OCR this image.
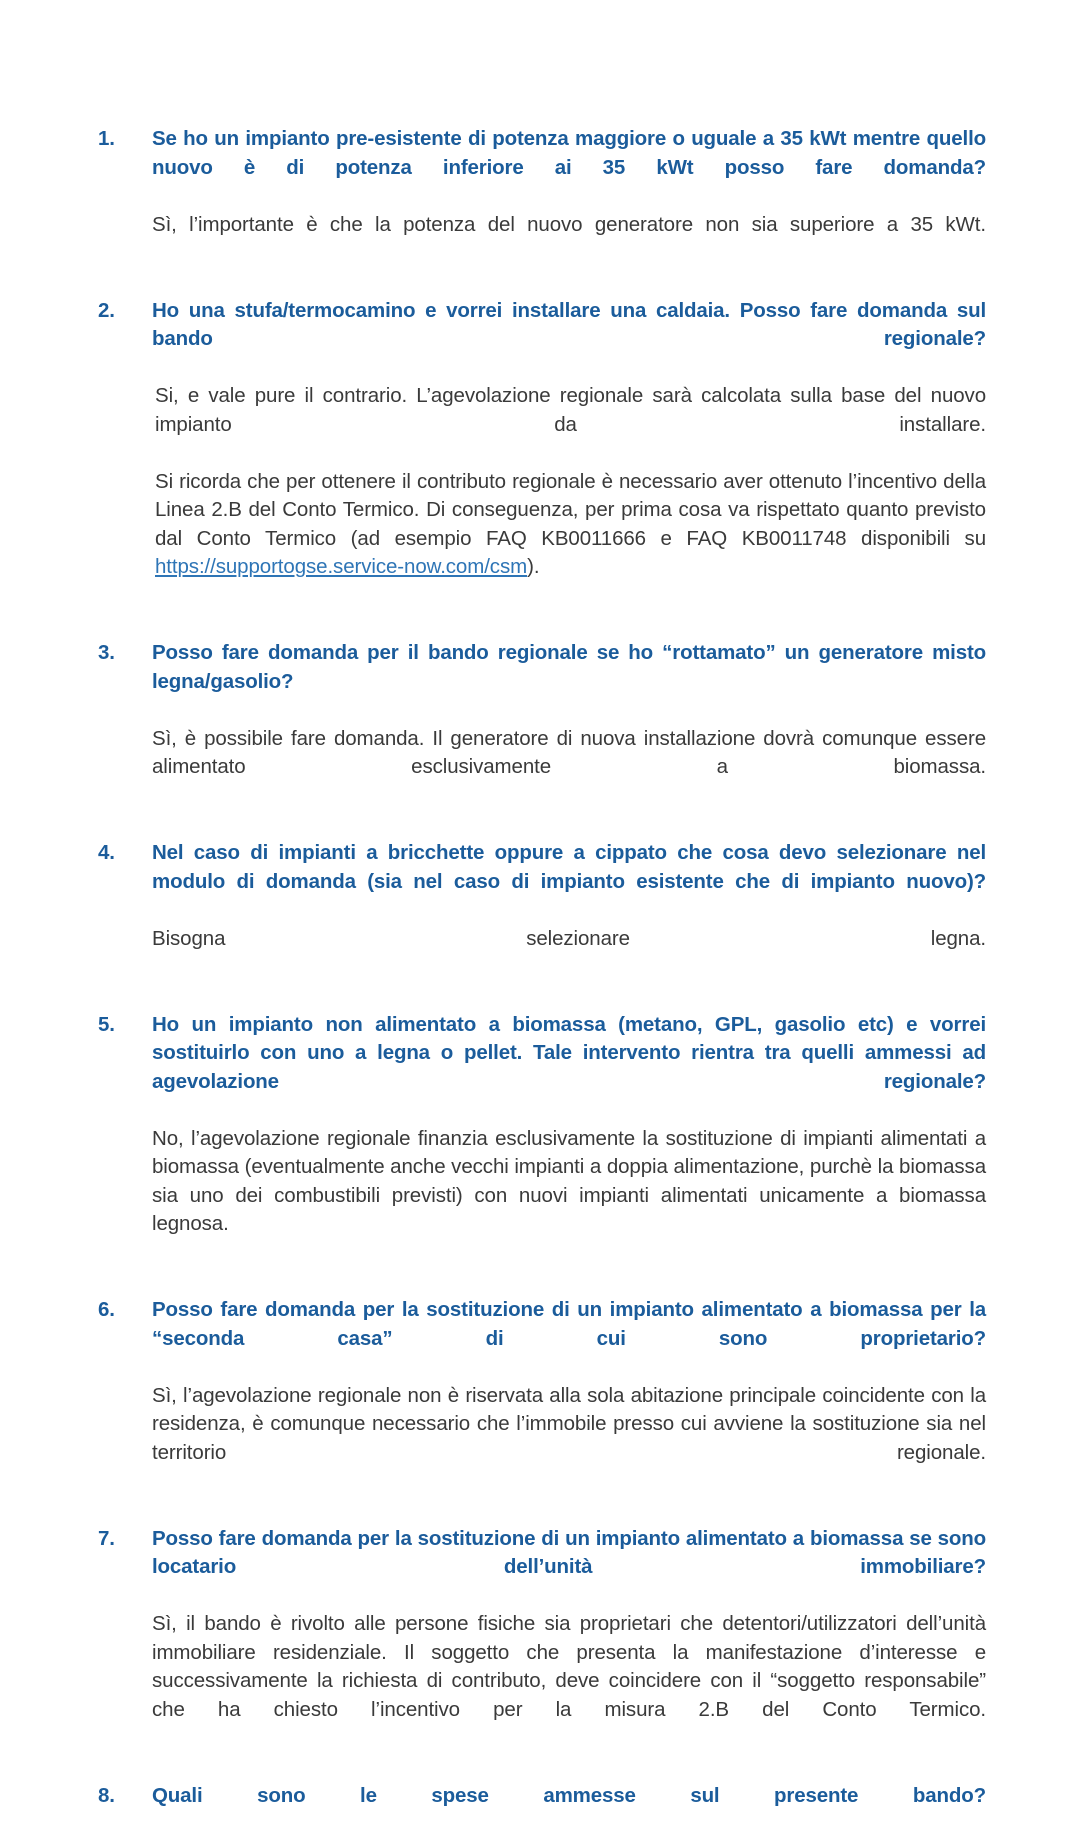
1.	Se ho un impianto pre-esistente di potenza maggiore o uguale a 35 kWt mentre quello nuovo è di potenza inferiore ai 35 kWt posso fare domanda?

Sì, l’importante è che la potenza del nuovo generatore non sia superiore a 35 kWt.

2.	Ho una stufa/termocamino e vorrei installare una caldaia. Posso fare domanda sul bando regionale?

Si, e vale pure il contrario. L’agevolazione regionale sarà calcolata sulla base del nuovo impianto da installare.

Si ricorda che per ottenere il contributo regionale è necessario aver ottenuto l’incentivo della Linea 2.B del Conto Termico. Di conseguenza, per prima cosa va rispettato quanto previsto dal Conto Termico (ad esempio FAQ KB0011666 e FAQ KB0011748 disponibili su https://supportogse.service-now.com/csm).

3.	Posso fare domanda per il bando regionale se ho “rottamato” un generatore misto legna/gasolio?

Sì, è possibile fare domanda. Il generatore di nuova installazione dovrà comunque essere alimentato esclusivamente a biomassa.

4.	Nel caso di impianti a bricchette oppure a cippato che cosa devo selezionare nel modulo di domanda (sia nel caso di impianto esistente che di impianto nuovo)?

Bisogna selezionare legna.

5.	Ho un impianto non alimentato a biomassa (metano, GPL, gasolio etc) e vorrei sostituirlo con uno a legna o pellet. Tale intervento rientra tra quelli ammessi ad agevolazione regionale?

No, l’agevolazione regionale finanzia esclusivamente la sostituzione di impianti alimentati a biomassa (eventualmente anche vecchi impianti a doppia alimentazione, purchè la biomassa sia uno dei combustibili previsti) con nuovi impianti alimentati unicamente a biomassa legnosa.

6.	Posso fare domanda per la sostituzione di un impianto alimentato a biomassa per la “seconda casa” di cui sono proprietario?

Sì, l’agevolazione regionale non è riservata alla sola abitazione principale coincidente con la residenza, è comunque necessario che l’immobile presso cui avviene la sostituzione sia nel territorio regionale.

7.	Posso fare domanda per la sostituzione di un impianto alimentato a biomassa se sono locatario dell’unità immobiliare?

Sì, il bando è rivolto alle persone fisiche sia proprietari che detentori/utilizzatori dell’unità immobiliare residenziale. Il soggetto che presenta la manifestazione d’interesse e successivamente la richiesta di contributo, deve coincidere con il “soggetto responsabile” che ha chiesto l’incentivo per la misura 2.B del Conto Termico.

8.	Quali sono le spese ammesse sul presente bando?
